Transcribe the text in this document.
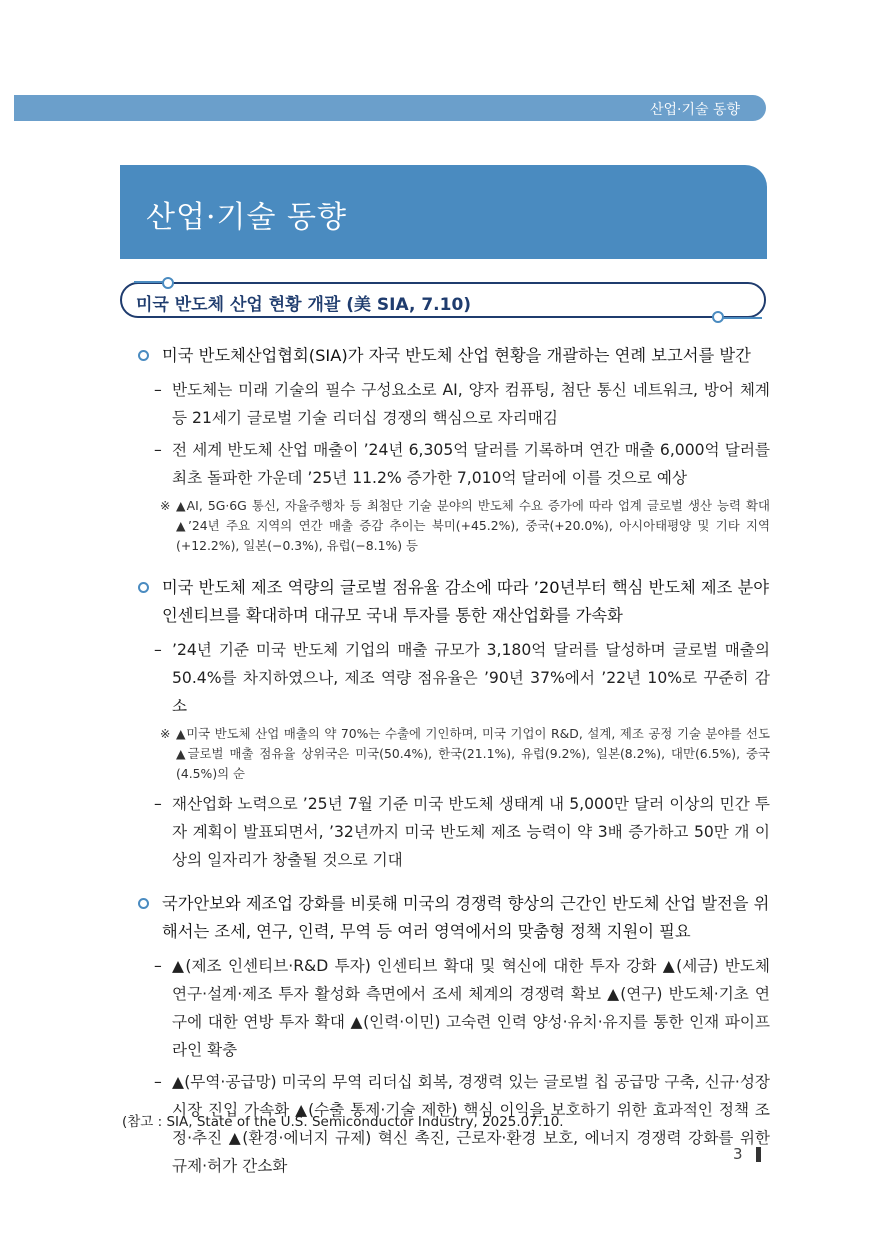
산업·기술 동향
산업·기술 동향
미국 반도체 산업 현황 개괄 (美 SIA, 7.10)
미국 반도체산업협회(SIA)가 자국 반도체 산업 현황을 개괄하는 연례 보고서를 발간
– 반도체는 미래 기술의 필수 구성요소로 AI, 양자 컴퓨팅, 첨단 통신 네트워크, 방어 체계 등 21세기 글로벌 기술 리더십 경쟁의 핵심으로 자리매김
– 전 세계 반도체 산업 매출이 ’24년 6,305억 달러를 기록하며 연간 매출 6,000억 달러를 최초 돌파한 가운데 ’25년 11.2% 증가한 7,010억 달러에 이를 것으로 예상
※ ▲AI, 5G·6G 통신, 자율주행차 등 최첨단 기술 분야의 반도체 수요 증가에 따라 업계 글로벌 생산 능력 확대 ▲’24년 주요 지역의 연간 매출 증감 추이는 북미(+45.2%), 중국(+20.0%), 아시아태평양 및 기타 지역(+12.2%), 일본(−0.3%), 유럽(−8.1%) 등
미국 반도체 제조 역량의 글로벌 점유율 감소에 따라 ’20년부터 핵심 반도체 제조 분야 인센티브를 확대하며 대규모 국내 투자를 통한 재산업화를 가속화
– ’24년 기준 미국 반도체 기업의 매출 규모가 3,180억 달러를 달성하며 글로벌 매출의 50.4%를 차지하였으나, 제조 역량 점유율은 ’90년 37%에서 ’22년 10%로 꾸준히 감소
※ ▲미국 반도체 산업 매출의 약 70%는 수출에 기인하며, 미국 기업이 R&D, 설계, 제조 공정 기술 분야를 선도 ▲글로벌 매출 점유율 상위국은 미국(50.4%), 한국(21.1%), 유럽(9.2%), 일본(8.2%), 대만(6.5%), 중국(4.5%)의 순
– 재산업화 노력으로 ’25년 7월 기준 미국 반도체 생태계 내 5,000만 달러 이상의 민간 투자 계획이 발표되면서, ’32년까지 미국 반도체 제조 능력이 약 3배 증가하고 50만 개 이상의 일자리가 창출될 것으로 기대
국가안보와 제조업 강화를 비롯해 미국의 경쟁력 향상의 근간인 반도체 산업 발전을 위해서는 조세, 연구, 인력, 무역 등 여러 영역에서의 맞춤형 정책 지원이 필요
– ▲(제조 인센티브·R&D 투자) 인센티브 확대 및 혁신에 대한 투자 강화 ▲(세금) 반도체 연구·설계·제조 투자 활성화 측면에서 조세 체계의 경쟁력 확보 ▲(연구) 반도체·기초 연구에 대한 연방 투자 확대 ▲(인력·이민) 고숙련 인력 양성·유치·유지를 통한 인재 파이프라인 확충
– ▲(무역·공급망) 미국의 무역 리더십 회복, 경쟁력 있는 글로벌 칩 공급망 구축, 신규·성장 시장 진입 가속화 ▲(수출 통제·기술 제한) 핵심 이익을 보호하기 위한 효과적인 정책 조정·추진 ▲(환경·에너지 규제) 혁신 촉진, 근로자·환경 보호, 에너지 경쟁력 강화를 위한 규제·허가 간소화
(참고 : SIA, State of the U.S. Semiconductor Industry, 2025.07.10.
3
